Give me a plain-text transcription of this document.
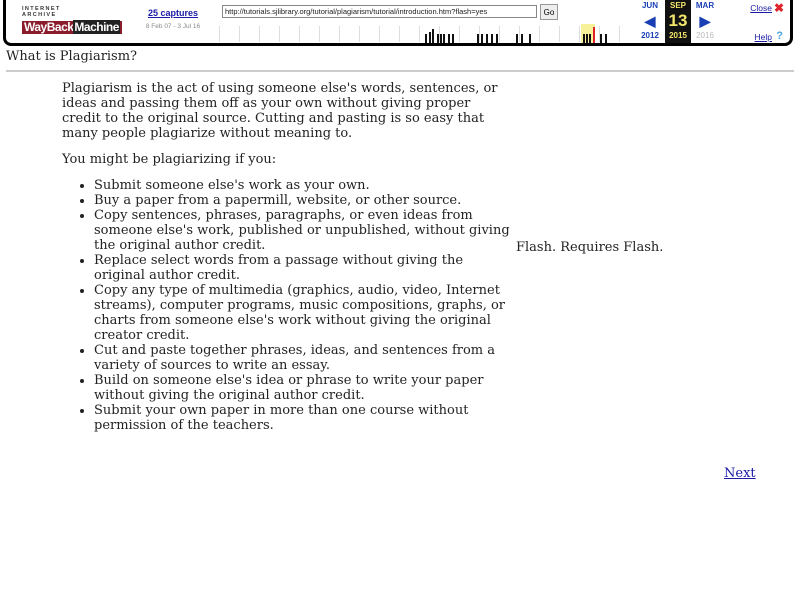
INTERNET ARCHIVE
WayBackMachine
25 captures
8 Feb 07 - 3 Jul 16
http://tutorials.sjlibrary.org/tutorial/plagiarism/tutorial/introduction.htm?flash=yes
Go
JUN
◀
2012
SEP
13
2015
MAR
▶
2016
Close ✖
Help ?
What is Plagiarism?

Plagiarism is the act of using someone else's words, sentences, or ideas and passing them off as your own without giving proper credit to the original source. Cutting and pasting is so easy that many people plagiarize without meaning to.

You might be plagiarizing if you:

• Submit someone else's work as your own.
• Buy a paper from a papermill, website, or other source.
• Copy sentences, phrases, paragraphs, or even ideas from someone else's work, published or unpublished, without giving the original author credit.
• Replace select words from a passage without giving the original author credit.
• Copy any type of multimedia (graphics, audio, video, Internet streams), computer programs, music compositions, graphs, or charts from someone else's work without giving the original creator credit.
• Cut and paste together phrases, ideas, and sentences from a variety of sources to write an essay.
• Build on someone else's idea or phrase to write your paper without giving the original author credit.
• Submit your own paper in more than one course without permission of the teachers.
Flash. Requires Flash.
Next
